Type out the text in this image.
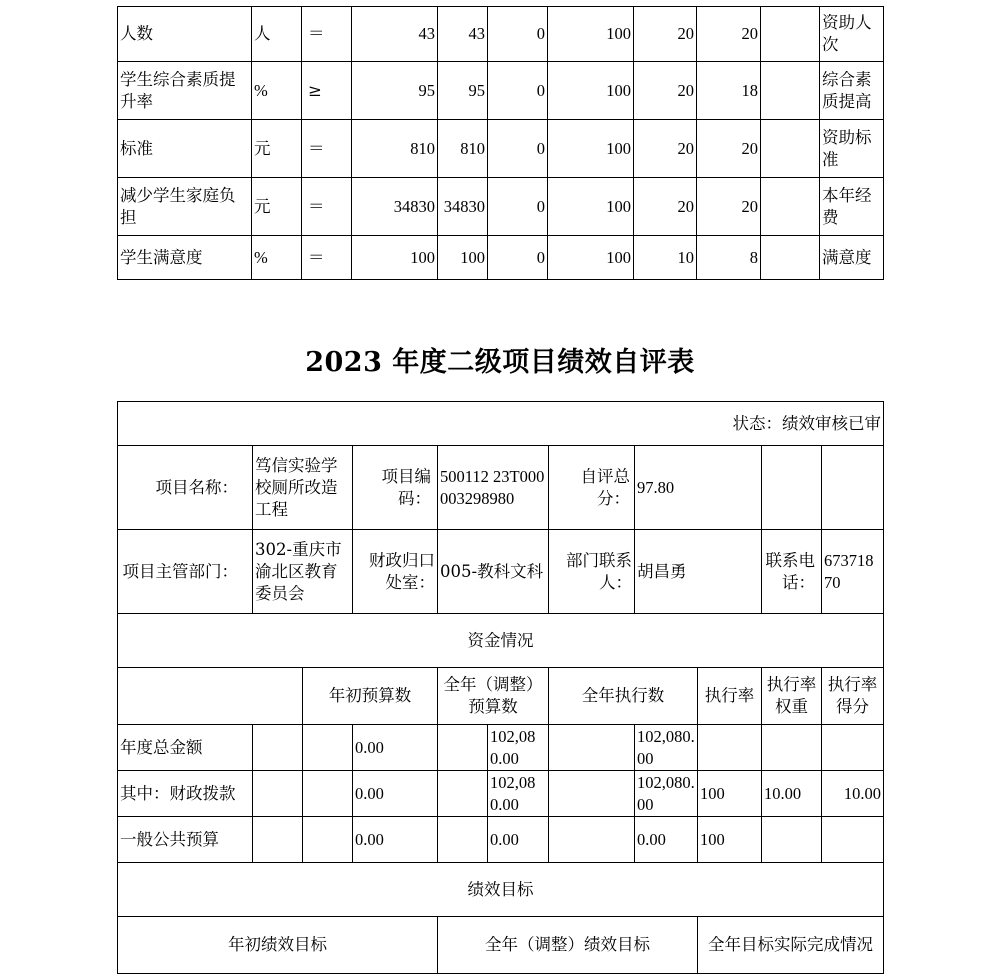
人数	人	＝	43	43	0	100	20	20		资助人次
学生综合素质提升率	%	≥	95	95	0	100	20	18		综合素质提高
标准	元	＝	810	810	0	100	20	20		资助标准
减少学生家庭负担	元	＝	34830	34830	0	100	20	20		本年经费
学生满意度	%	＝	100	100	0	100	10	8		满意度
2023 年度二级项目绩效自评表
状态：绩效审核已审										
项目名称：	笃信实验学校厕所改造工程		项目编码：	500112 23T000003298980		自评总分：	97.80			
项目主管部门：	302-重庆市渝北区教育委员会		财政归口处室：	005-教科文科		部门联系人：	胡昌勇		联系电话：	67371870
资金情况										
		年初预算数		全年（调整）预算数		全年执行数		执行率	执行率权重	执行率得分
年度总金额			0.00		102,080.00		102,080.00			
其中：财政拨款			0.00		102,080.00		102,080.00	100	10.00	10.00
一般公共预算			0.00		0.00		0.00	100		
绩效目标										
年初绩效目标				全年（调整）绩效目标				全年目标实际完成情况		
